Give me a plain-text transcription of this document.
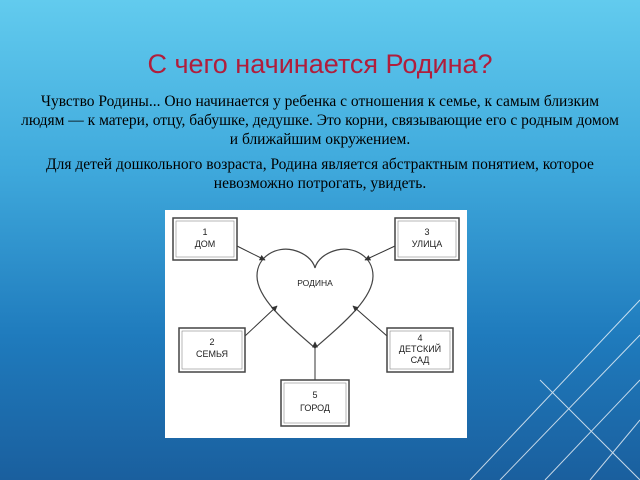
С чего начинается Родина?
Чувство Родины... Оно начинается у ребенка с отношения к семье, к самым близким людям — к матери, отцу, бабушке, дедушке. Это корни, связывающие его с родным домом и ближайшим окружением.
Для детей дошкольного возраста, Родина является абстрактным понятием, которое невозможно потрогать, увидеть.
РОДИНА
1
ДОМ
3
УЛИЦА
2
СЕМЬЯ
4
ДЕТСКИЙ
САД
5
ГОРОД
